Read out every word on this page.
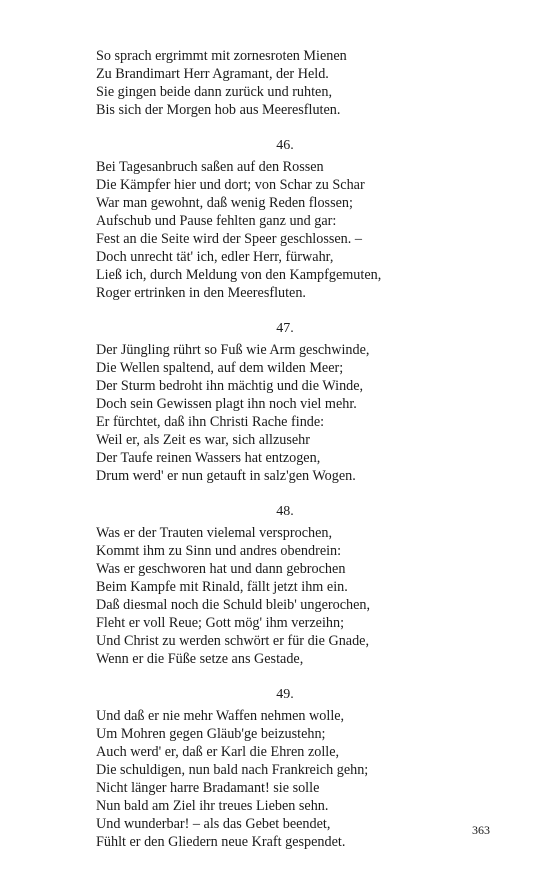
So sprach ergrimmt mit zornesroten Mienen
Zu Brandimart Herr Agramant, der Held.
Sie gingen beide dann zurück und ruhten,
Bis sich der Morgen hob aus Meeresfluten.
46.
Bei Tagesanbruch saßen auf den Rossen
Die Kämpfer hier und dort; von Schar zu Schar
War man gewohnt, daß wenig Reden flossen;
Aufschub und Pause fehlten ganz und gar:
Fest an die Seite wird der Speer geschlossen. –
Doch unrecht tät' ich, edler Herr, fürwahr,
Ließ ich, durch Meldung von den Kampfgemuten,
Roger ertrinken in den Meeresfluten.
47.
Der Jüngling rührt so Fuß wie Arm geschwinde,
Die Wellen spaltend, auf dem wilden Meer;
Der Sturm bedroht ihn mächtig und die Winde,
Doch sein Gewissen plagt ihn noch viel mehr.
Er fürchtet, daß ihn Christi Rache finde:
Weil er, als Zeit es war, sich allzusehr
Der Taufe reinen Wassers hat entzogen,
Drum werd' er nun getauft in salz'gen Wogen.
48.
Was er der Trauten vielemal versprochen,
Kommt ihm zu Sinn und andres obendrein:
Was er geschworen hat und dann gebrochen
Beim Kampfe mit Rinald, fällt jetzt ihm ein.
Daß diesmal noch die Schuld bleib' ungerochen,
Fleht er voll Reue; Gott mög' ihm verzeihn;
Und Christ zu werden schwört er für die Gnade,
Wenn er die Füße setze ans Gestade,
49.
Und daß er nie mehr Waffen nehmen wolle,
Um Mohren gegen Gläub'ge beizustehn;
Auch werd' er, daß er Karl die Ehren zolle,
Die schuldigen, nun bald nach Frankreich gehn;
Nicht länger harre Bradamant! sie solle
Nun bald am Ziel ihr treues Lieben sehn.
Und wunderbar! – als das Gebet beendet,
Fühlt er den Gliedern neue Kraft gespendet.
363
